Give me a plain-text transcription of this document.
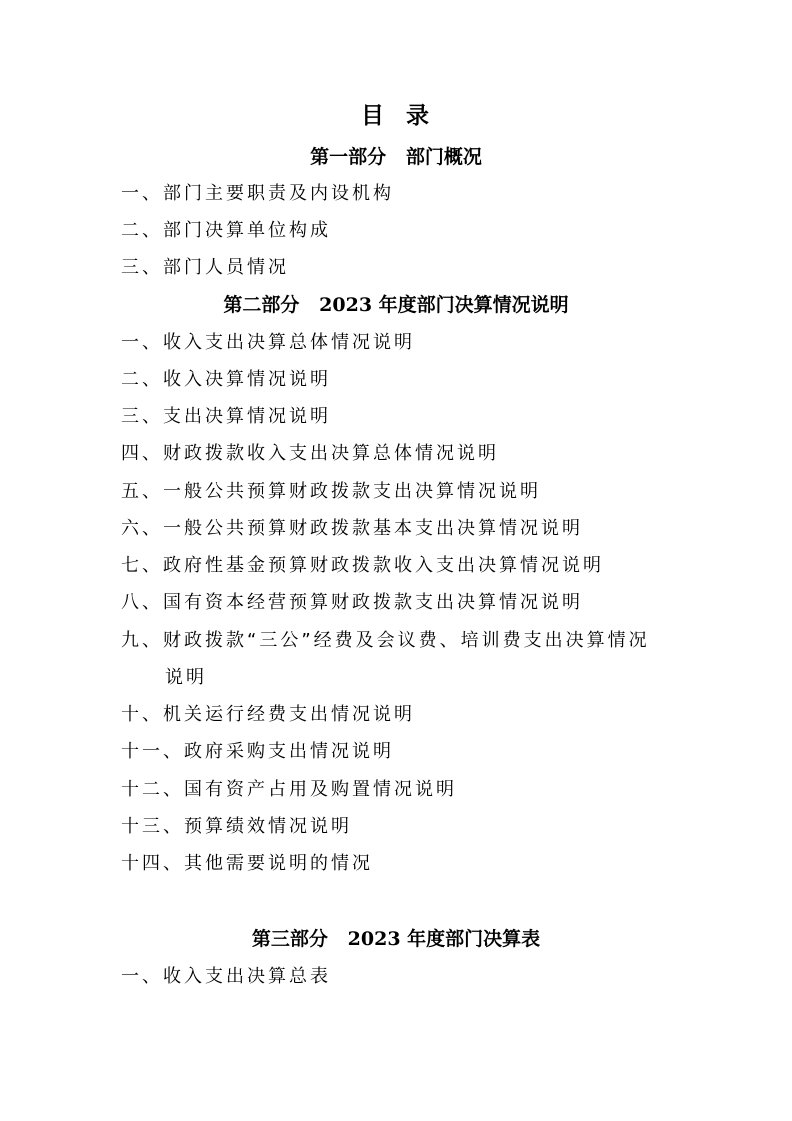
目  录
第一部分   部门概况
一、部门主要职责及内设机构
二、部门决算单位构成
三、部门人员情况
第二部分   2023 年度部门决算情况说明
一、收入支出决算总体情况说明
二、收入决算情况说明
三、支出决算情况说明
四、财政拨款收入支出决算总体情况说明
五、一般公共预算财政拨款支出决算情况说明
六、一般公共预算财政拨款基本支出决算情况说明
七、政府性基金预算财政拨款收入支出决算情况说明
八、国有资本经营预算财政拨款支出决算情况说明
九、财政拨款“三公”经费及会议费、培训费支出决算情况
说明
十、机关运行经费支出情况说明
十一、政府采购支出情况说明
十二、国有资产占用及购置情况说明
十三、预算绩效情况说明
十四、其他需要说明的情况
第三部分   2023 年度部门决算表
一、收入支出决算总表
